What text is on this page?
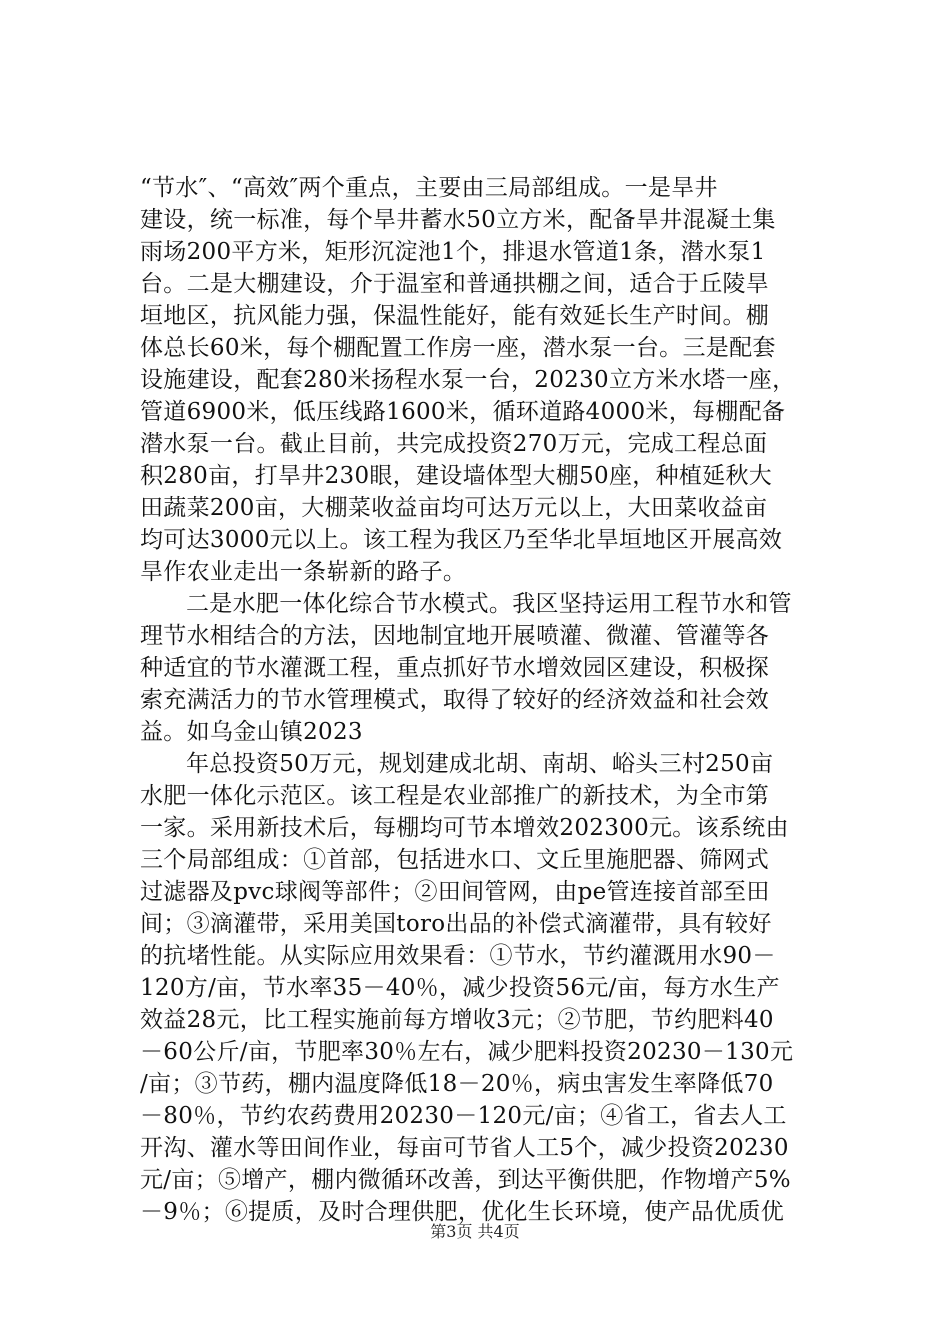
“节水″、“高效″两个重点，主要由三局部组成。一是旱井
建设，统一标准，每个旱井蓄水50立方米，配备旱井混凝土集
雨场200平方米，矩形沉淀池1个，排退水管道1条，潜水泵1
台。二是大棚建设，介于温室和普通拱棚之间，适合于丘陵旱
垣地区，抗风能力强，保温性能好，能有效延长生产时间。棚
体总长60米，每个棚配置工作房一座，潜水泵一台。三是配套
设施建设，配套280米扬程水泵一台，20230立方米水塔一座，
管道6900米，低压线路1600米，循环道路4000米，每棚配备
潜水泵一台。截止目前，共完成投资270万元，完成工程总面
积280亩，打旱井230眼，建设墙体型大棚50座，种植延秋大
田蔬菜200亩，大棚菜收益亩均可达万元以上，大田菜收益亩
均可达3000元以上。该工程为我区乃至华北旱垣地区开展高效
旱作农业走出一条崭新的路子。
二是水肥一体化综合节水模式。我区坚持运用工程节水和管
理节水相结合的方法，因地制宜地开展喷灌、微灌、管灌等各
种适宜的节水灌溉工程，重点抓好节水增效园区建设，积极探
索充满活力的节水管理模式，取得了较好的经济效益和社会效
益。如乌金山镇2023
年总投资50万元，规划建成北胡、南胡、峪头三村250亩
水肥一体化示范区。该工程是农业部推广的新技术，为全市第
一家。采用新技术后，每棚均可节本增效202300元。该系统由
三个局部组成：①首部，包括进水口、文丘里施肥器、筛网式
过滤器及pvc球阀等部件；②田间管网，由pe管连接首部至田
间；③滴灌带，采用美国toro出品的补偿式滴灌带，具有较好
的抗堵性能。从实际应用效果看：①节水，节约灌溉用水90－
120方/亩，节水率35－40％，减少投资56元/亩，每方水生产
效益28元，比工程实施前每方增收3元；②节肥，节约肥料40
－60公斤/亩，节肥率30％左右，减少肥料投资20230－130元
/亩；③节药，棚内温度降低18－20％，病虫害发生率降低70
－80％，节约农药费用20230－120元/亩；④省工，省去人工
开沟、灌水等田间作业，每亩可节省人工5个，减少投资20230
元/亩；⑤增产，棚内微循环改善，到达平衡供肥，作物增产5%
－9％；⑥提质，及时合理供肥，优化生长环境，使产品优质优
第3页 共4页
